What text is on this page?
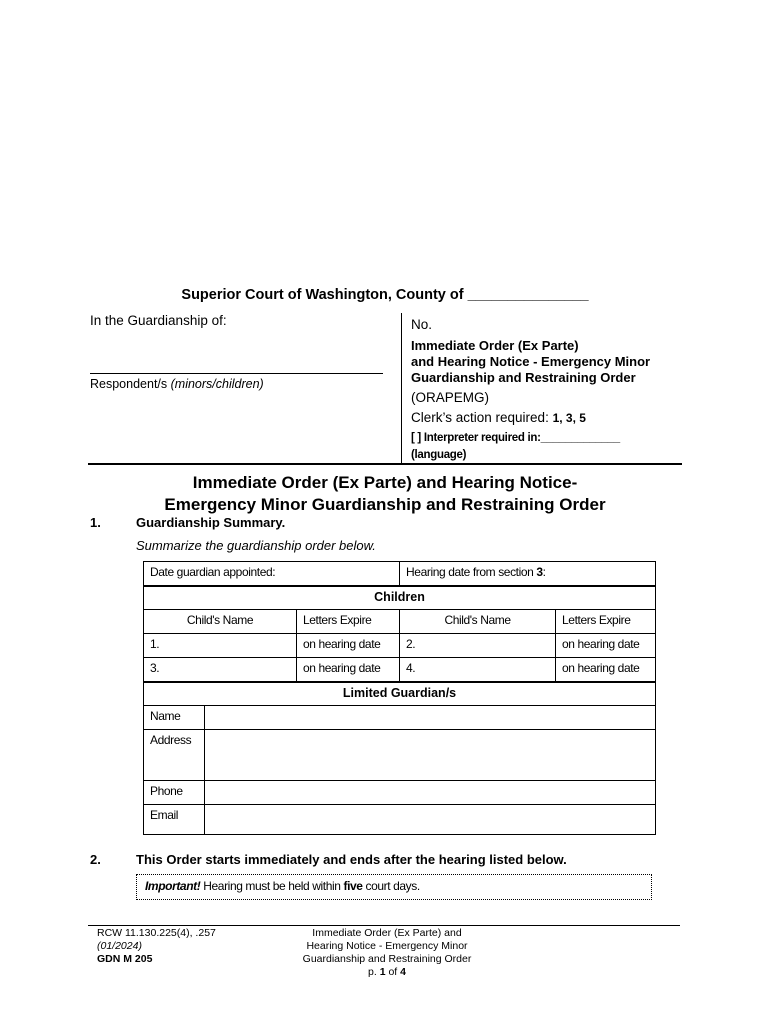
Superior Court of Washington, County of _______________
In the Guardianship of:
Respondent/s (minors/children)
No.
Immediate Order (Ex Parte)
and Hearing Notice - Emergency Minor
Guardianship and Restraining Order
(ORAPEMG)
Clerk’s action required: 1, 3, 5
[ ] Interpreter required in:_____________
(language)
Immediate Order (Ex Parte) and Hearing Notice-
Emergency Minor Guardianship and Restraining Order
1.	Guardianship Summary.
Summarize the guardianship order below.
Date guardian appointed:			Hearing date from section 3:	
Children				
Child's Name		Letters Expire	Child's Name	Letters Expire
1.		on hearing date	2.	on hearing date
3.		on hearing date	4.	on hearing date
Limited Guardian/s				
Name				
Address				
Phone				
Email				
2.	This Order starts immediately and ends after the hearing listed below.
Important! Hearing must be held within five court days.
RCW 11.130.225(4), .257
(01/2024)
GDN M 205
Immediate Order (Ex Parte) and
Hearing Notice - Emergency Minor
Guardianship and Restraining Order
p. 1 of 4
